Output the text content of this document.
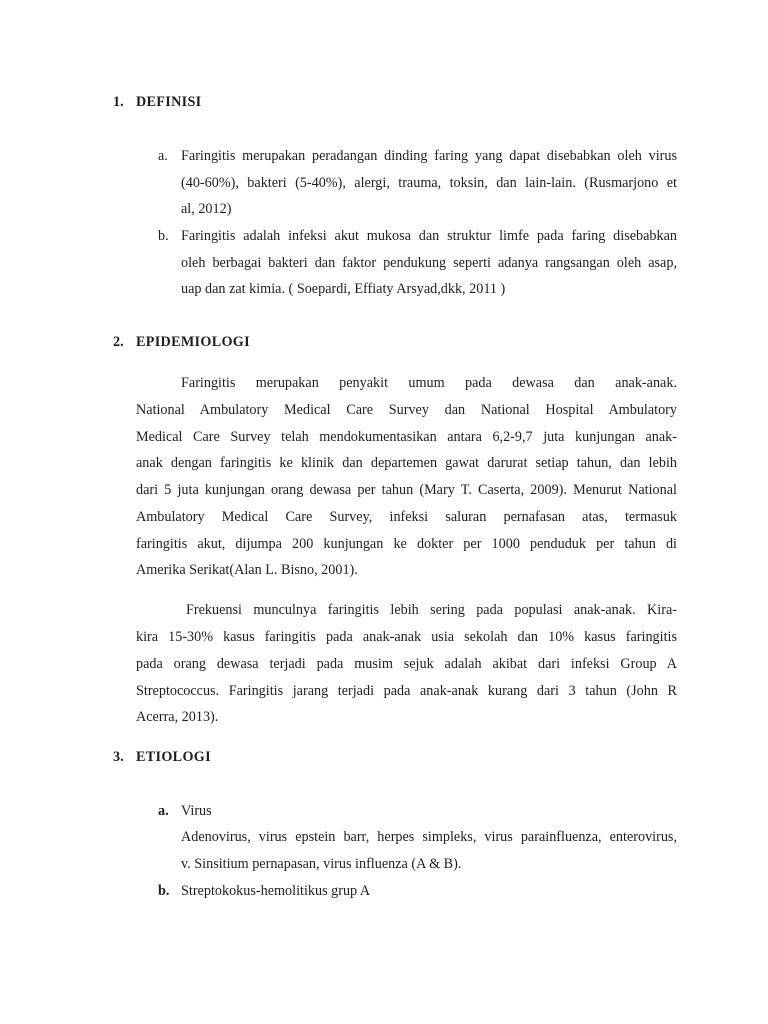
1. DEFINISI
a. Faringitis merupakan peradangan dinding faring yang dapat disebabkan oleh virus
(40-60%), bakteri (5-40%), alergi, trauma, toksin, dan lain-lain. (Rusmarjono et
al, 2012)
b. Faringitis adalah infeksi akut mukosa dan struktur limfe pada faring disebabkan
oleh berbagai bakteri dan faktor pendukung seperti adanya rangsangan oleh asap,
uap dan zat kimia. ( Soepardi, Effiaty Arsyad,dkk, 2011 )
2. EPIDEMIOLOGI
Faringitis merupakan penyakit umum pada dewasa dan anak-anak.
National Ambulatory Medical Care Survey dan National Hospital Ambulatory
Medical Care Survey telah mendokumentasikan antara 6,2-9,7 juta kunjungan anak-
anak dengan faringitis ke klinik dan departemen gawat darurat setiap tahun, dan lebih
dari 5 juta kunjungan orang dewasa per tahun (Mary T. Caserta, 2009). Menurut National
Ambulatory Medical Care Survey, infeksi saluran pernafasan atas, termasuk
faringitis akut, dijumpa 200 kunjungan ke dokter per 1000 penduduk per tahun di
Amerika Serikat(Alan L. Bisno, 2001).
Frekuensi munculnya faringitis lebih sering pada populasi anak-anak. Kira-
kira 15-30% kasus faringitis pada anak-anak usia sekolah dan 10% kasus faringitis
pada orang dewasa terjadi pada musim sejuk adalah akibat dari infeksi Group A
Streptococcus. Faringitis jarang terjadi pada anak-anak kurang dari 3 tahun (John R
Acerra, 2013).
3. ETIOLOGI
a. Virus
Adenovirus, virus epstein barr, herpes simpleks, virus parainfluenza, enterovirus,
v. Sinsitium pernapasan, virus influenza (A & B).
b. Streptokokus-hemolitikus grup A
